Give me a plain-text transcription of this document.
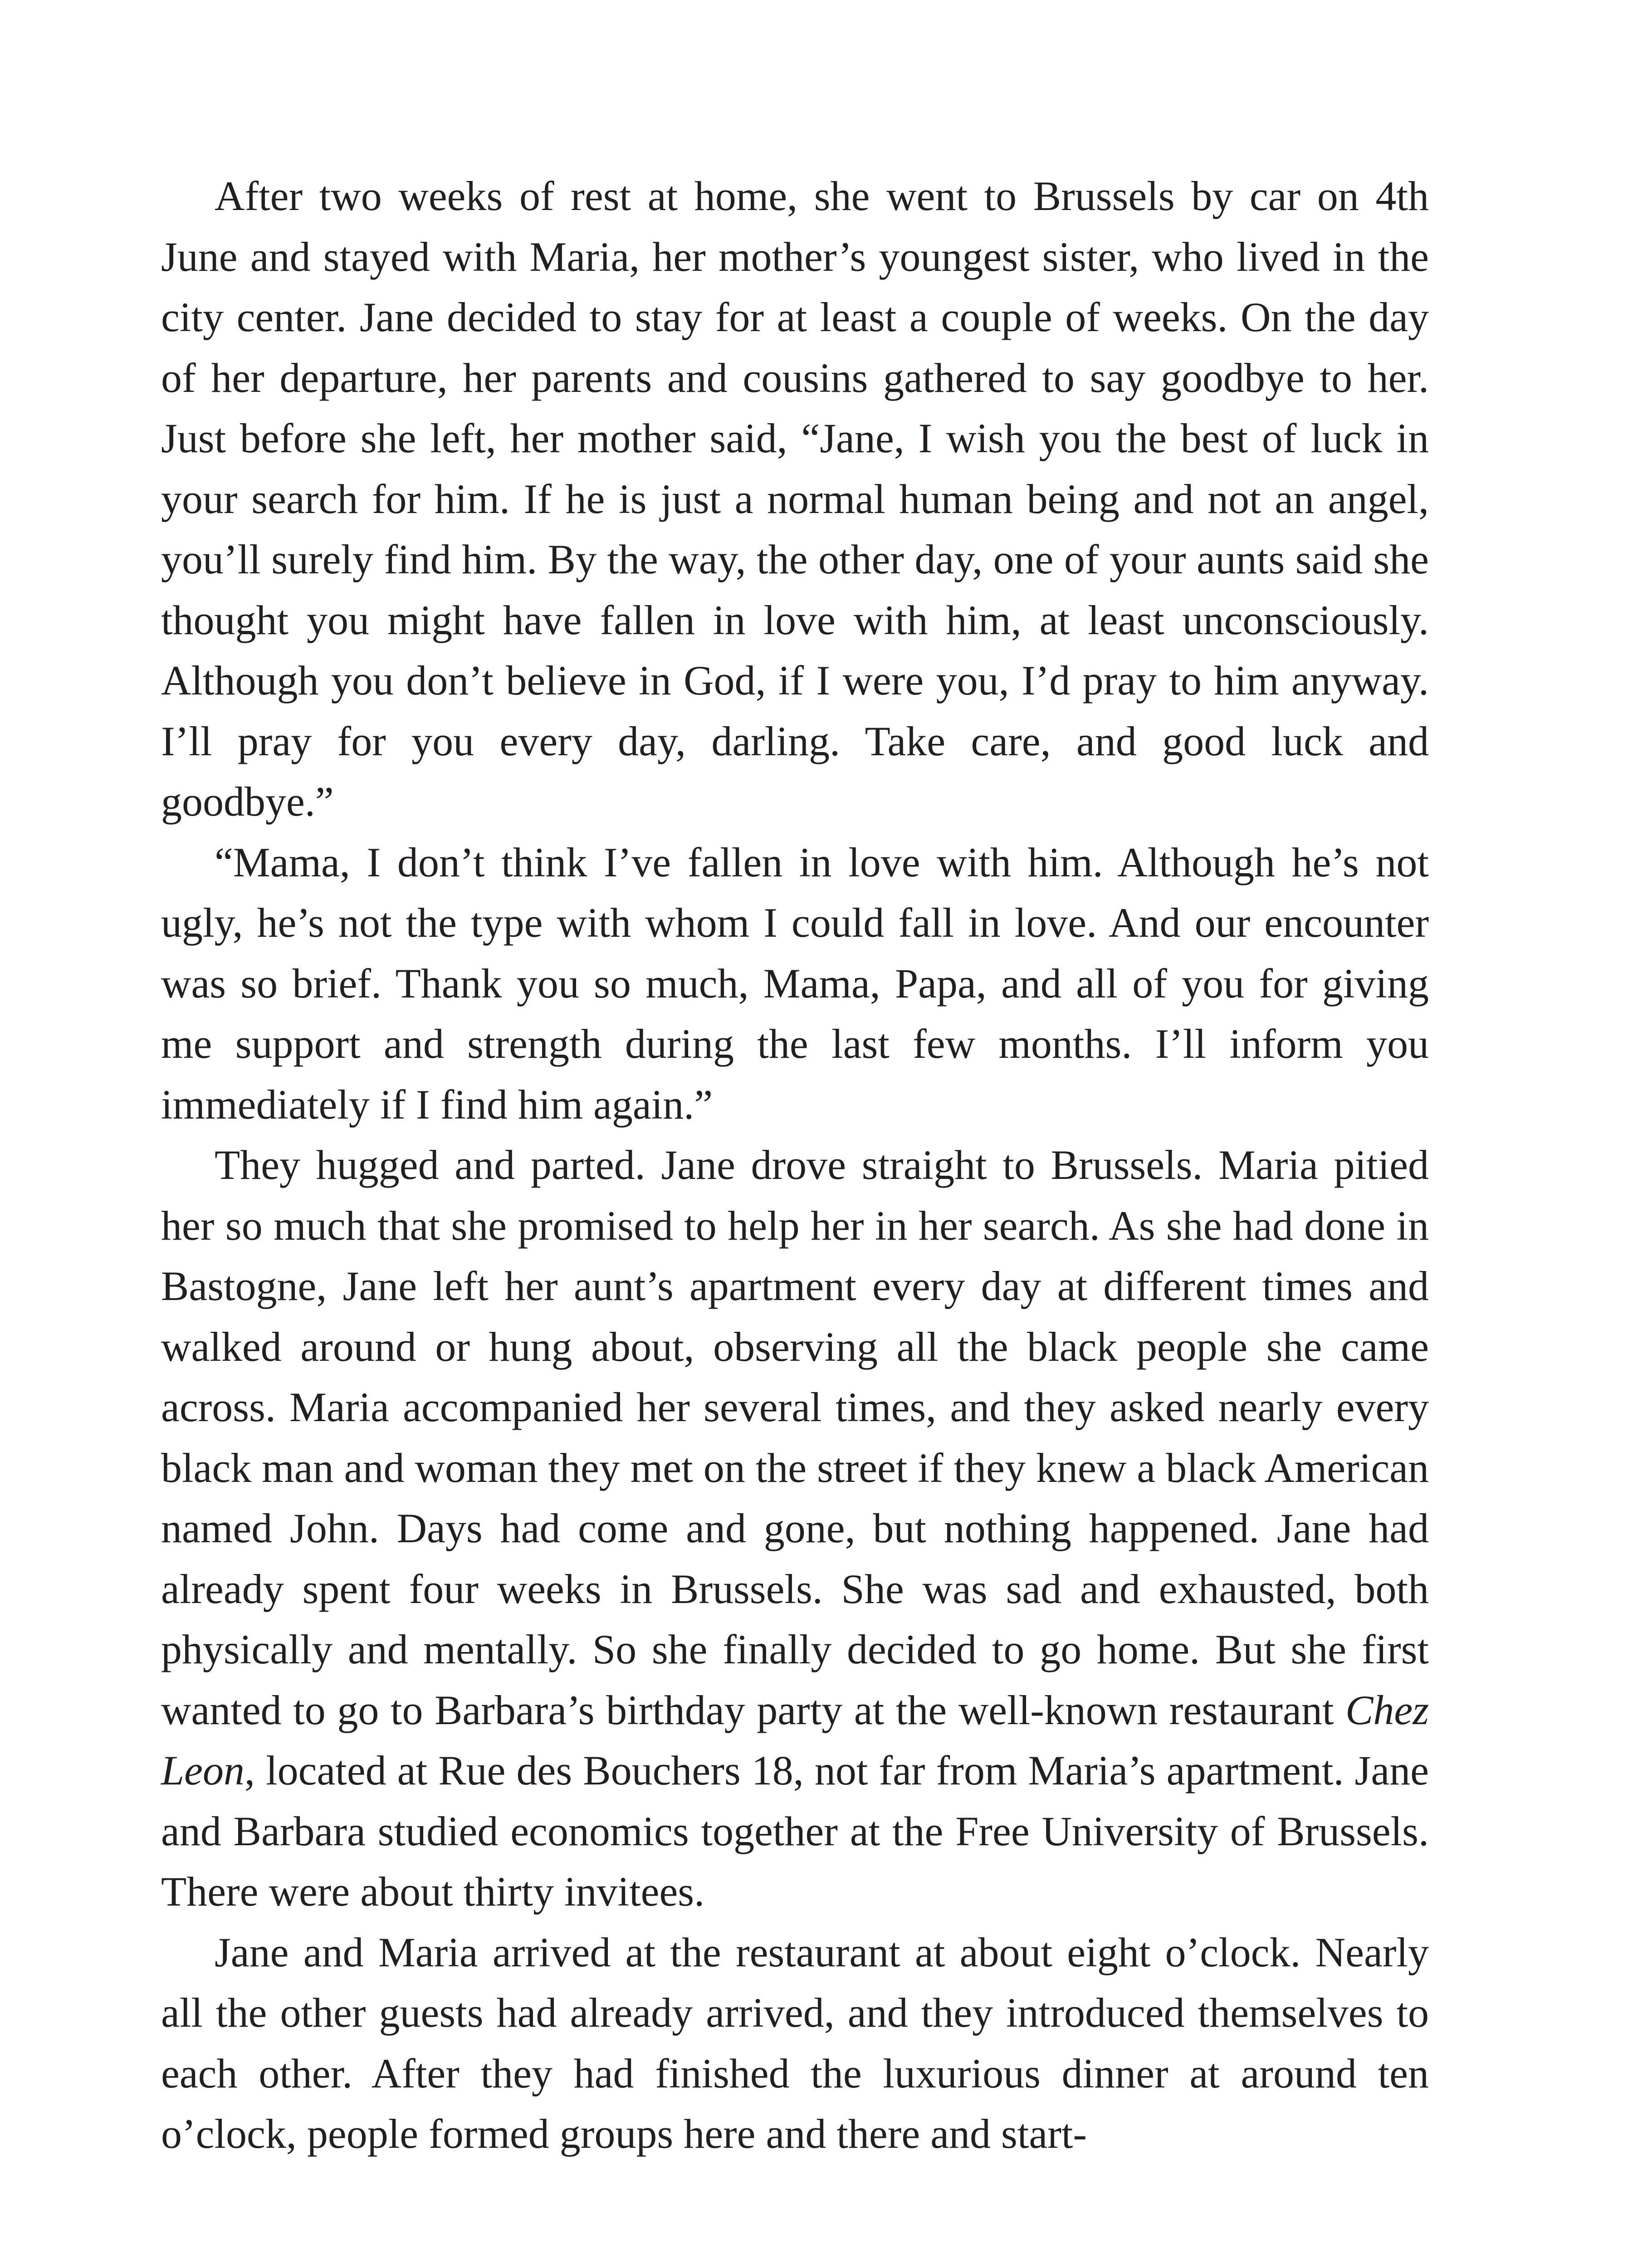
After two weeks of rest at home, she went to Brussels by car on 4th June and stayed with Maria, her mother’s youngest sister, who lived in the city center. Jane decided to stay for at least a couple of weeks. On the day of her departure, her parents and cousins gathered to say goodbye to her. Just before she left, her mother said, “Jane, I wish you the best of luck in your search for him. If he is just a normal human being and not an angel, you’ll surely find him. By the way, the other day, one of your aunts said she thought you might have fallen in love with him, at least unconsciously. Although you don’t believe in God, if I were you, I’d pray to him anyway. I’ll pray for you every day, darling. Take care, and good luck and goodbye.”

“Mama, I don’t think I’ve fallen in love with him. Although he’s not ugly, he’s not the type with whom I could fall in love. And our encounter was so brief. Thank you so much, Mama, Papa, and all of you for giving me support and strength during the last few months. I’ll inform you immediately if I find him again.”

They hugged and parted. Jane drove straight to Brussels. Maria pitied her so much that she promised to help her in her search. As she had done in Bastogne, Jane left her aunt’s apartment every day at different times and walked around or hung about, observing all the black people she came across. Maria accompanied her several times, and they asked nearly every black man and woman they met on the street if they knew a black American named John. Days had come and gone, but nothing happened. Jane had already spent four weeks in Brussels. She was sad and exhausted, both physically and mentally. So she finally decided to go home. But she first wanted to go to Barbara’s birthday party at the well-known restaurant Chez Leon, located at Rue des Bouchers 18, not far from Maria’s apartment. Jane and Barbara studied economics together at the Free University of Brussels. There were about thirty invitees.

Jane and Maria arrived at the restaurant at about eight o’clock. Nearly all the other guests had already arrived, and they introduced themselves to each other. After they had finished the luxurious dinner at around ten o’clock, people formed groups here and there and start-
